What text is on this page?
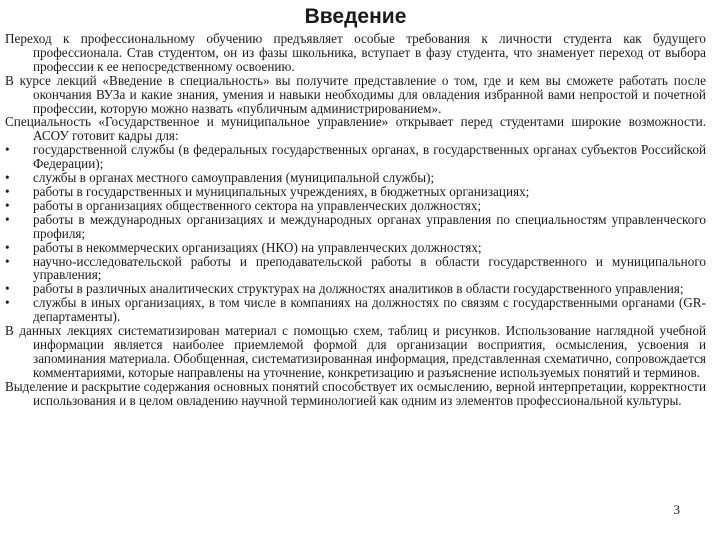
Введение

Переход к профессиональному обучению предъявляет особые требования к личности студента как будущего профессионала. Став студентом, он из фазы школьника, вступает в фазу студента, что знаменует переход от выбора профессии к ее непосредственному освоению.

В курсе лекций «Введение в специальность» вы получите представление о том, где и кем вы сможете работать после окончания ВУЗа и какие знания, умения и навыки необходимы для овладения избранной вами непростой и почетной профессии, которую можно назвать «публичным администрированием».

Специальность «Государственное и муниципальное управление» открывает перед студентами широкие возможности. АСОУ готовит кадры для:

•	государственной службы (в федеральных государственных органах, в государственных органах субъектов Российской Федерации);
•	службы в органах местного самоуправления (муниципальной службы);
•	работы в государственных и муниципальных учреждениях, в бюджетных организациях;
•	работы в организациях общественного сектора на управленческих должностях;
•	работы в международных организациях и международных органах управления по специальностям управленческого профиля;
•	работы в некоммерческих организациях (НКО) на управленческих должностях;
•	научно-исследовательской работы и преподавательской работы в области государственного и муниципального управления;
•	работы в различных аналитических структурах на должностях аналитиков в области государственного управления;
•	службы в иных организациях, в том числе в компаниях на должностях по связям с государственными органами (GR-департаменты).

В данных лекциях систематизирован материал с помощью схем, таблиц и рисунков. Использование наглядной учебной информации является наиболее приемлемой формой для организации восприятия, осмысления, усвоения и запоминания материала. Обобщенная, систематизированная информация, представленная схематично, сопровождается комментариями, которые направлены на уточнение, конкретизацию и разъяснение используемых понятий и терминов.

Выделение и раскрытие содержания основных понятий способствует их осмыслению, верной интерпретации, корректности использования и в целом овладению научной терминологией как одним из элементов профессиональной культуры.

3
